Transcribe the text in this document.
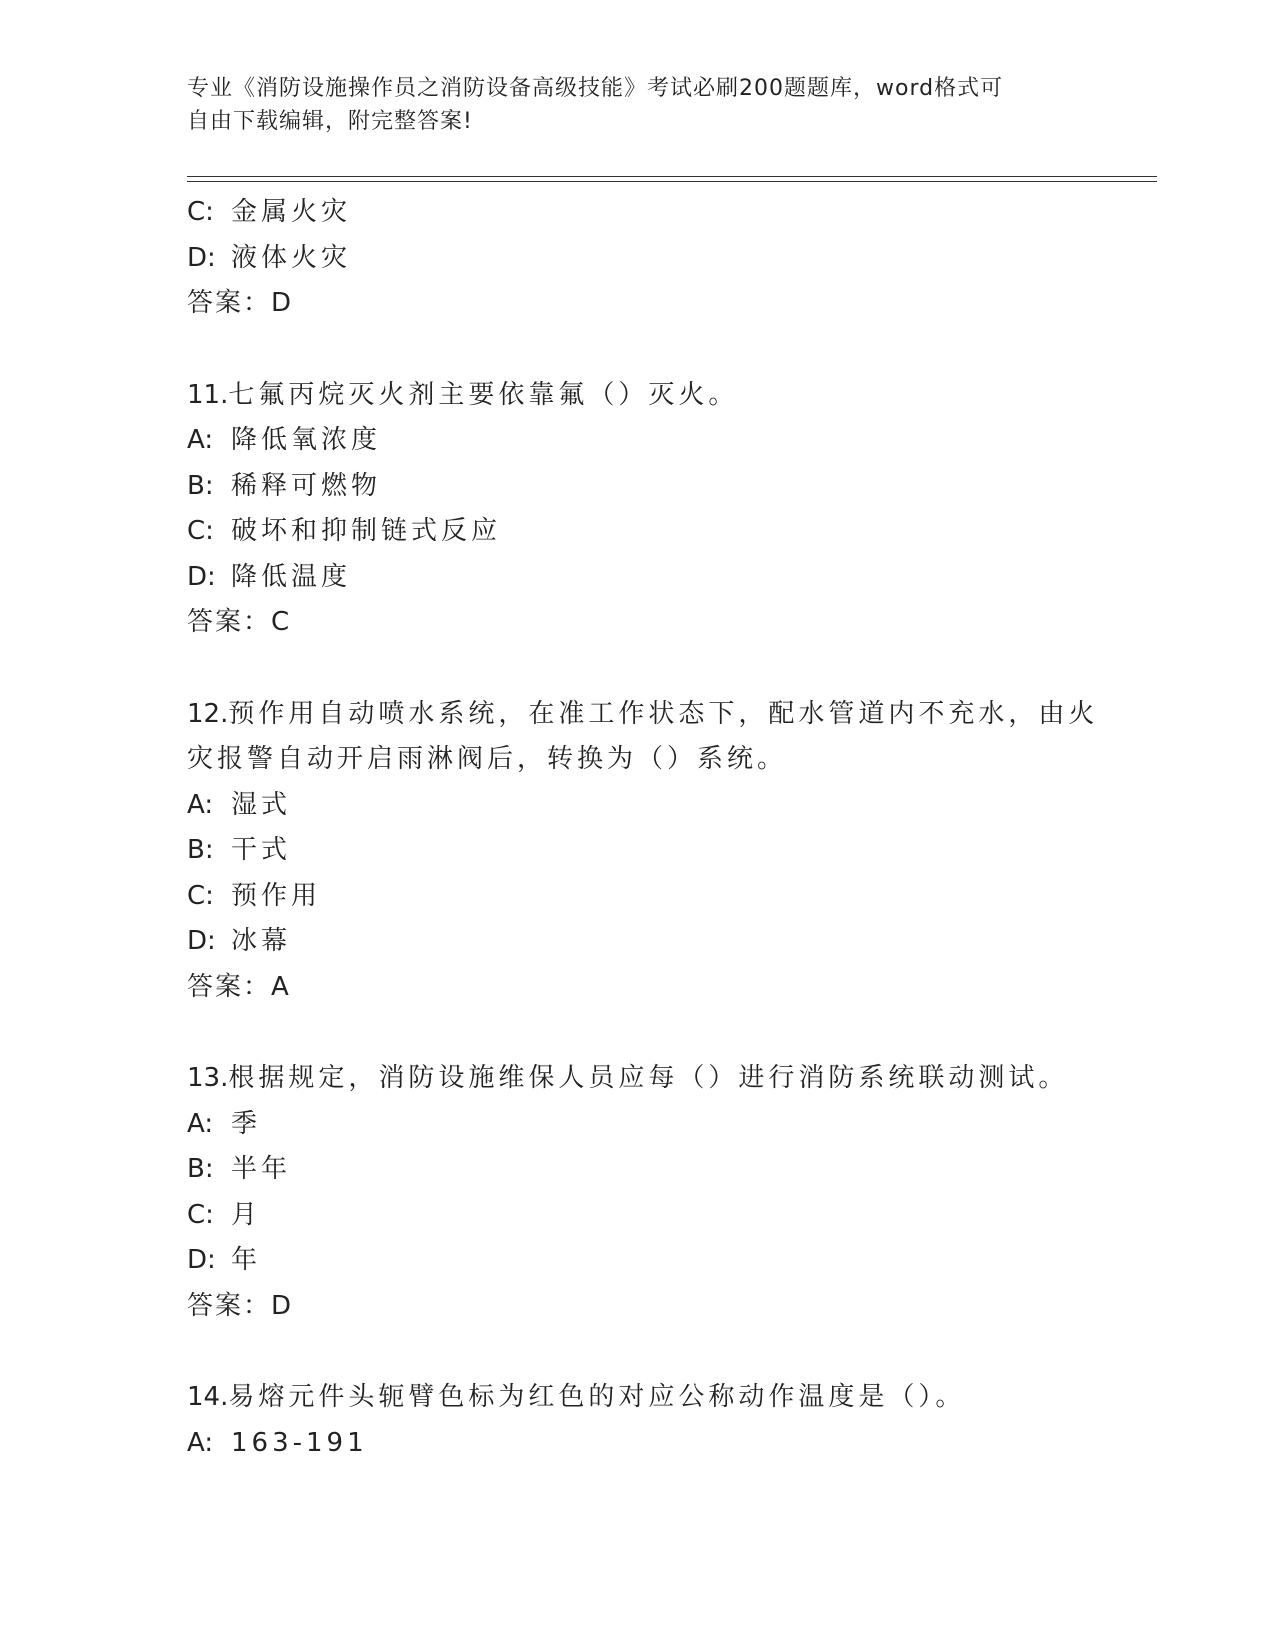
专业《消防设施操作员之消防设备高级技能》考试必刷200题题库，word格式可
自由下载编辑，附完整答案!
C: 金属火灾
D: 液体火灾
答案：D
11.七氟丙烷灭火剂主要依靠氟（）灭火。
A: 降低氧浓度
B: 稀释可燃物
C: 破坏和抑制链式反应
D: 降低温度
答案：C
12.预作用自动喷水系统，在准工作状态下，配水管道内不充水，由火
灾报警自动开启雨淋阀后，转换为（）系统。
A: 湿式
B: 干式
C: 预作用
D: 冰幕
答案：A
13.根据规定，消防设施维保人员应每（）进行消防系统联动测试。
A: 季
B: 半年
C: 月
D: 年
答案：D
14.易熔元件头轭臂色标为红色的对应公称动作温度是（）。
A: 163-191
